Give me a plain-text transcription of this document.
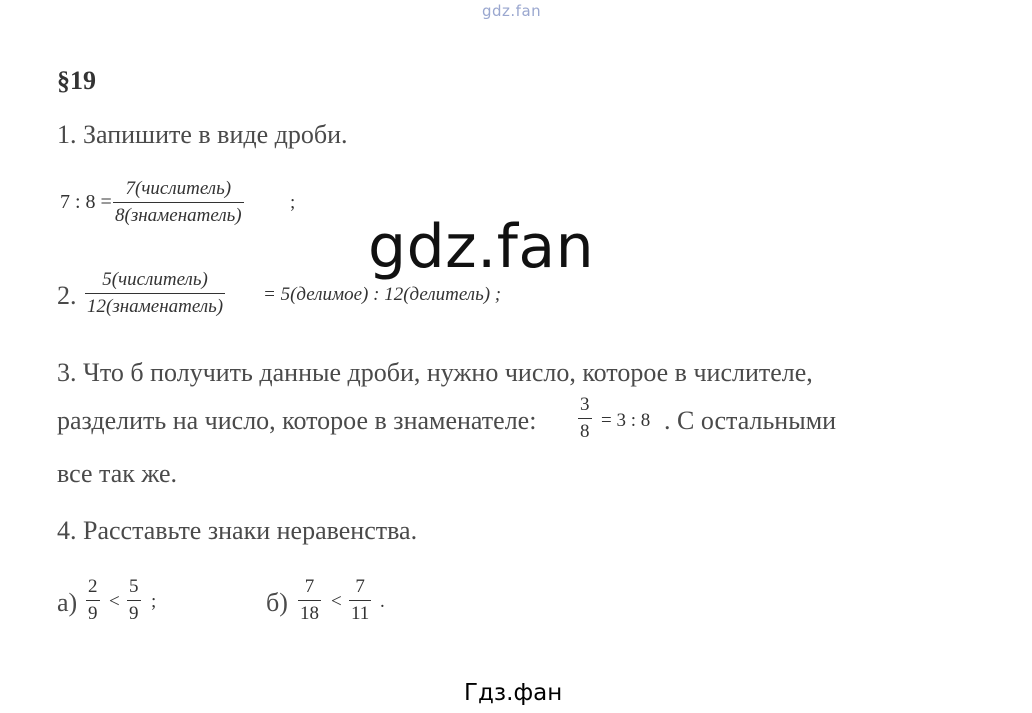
gdz.fan
gdz.fan
§19
1. Запишите в виде дроби.
7 : 8 =
7(числитель)
8(знаменатель)
;
2.
5(числитель)
12(знаменатель)
= 5(делимое) : 12(делитель) ;
3. Что б получить данные дроби, нужно число, которое в числителе,
разделить на число, которое в знаменателе: $\frac{3}{8} = 3$ : 8 . С остальными
все так же.
4. Расставьте знаки неравенства.
$а) \frac{2}{9} < \frac{5}{9}$ ;	$б) \frac{7}{18} < \frac{7}{11}$ .
Гдз.фан
